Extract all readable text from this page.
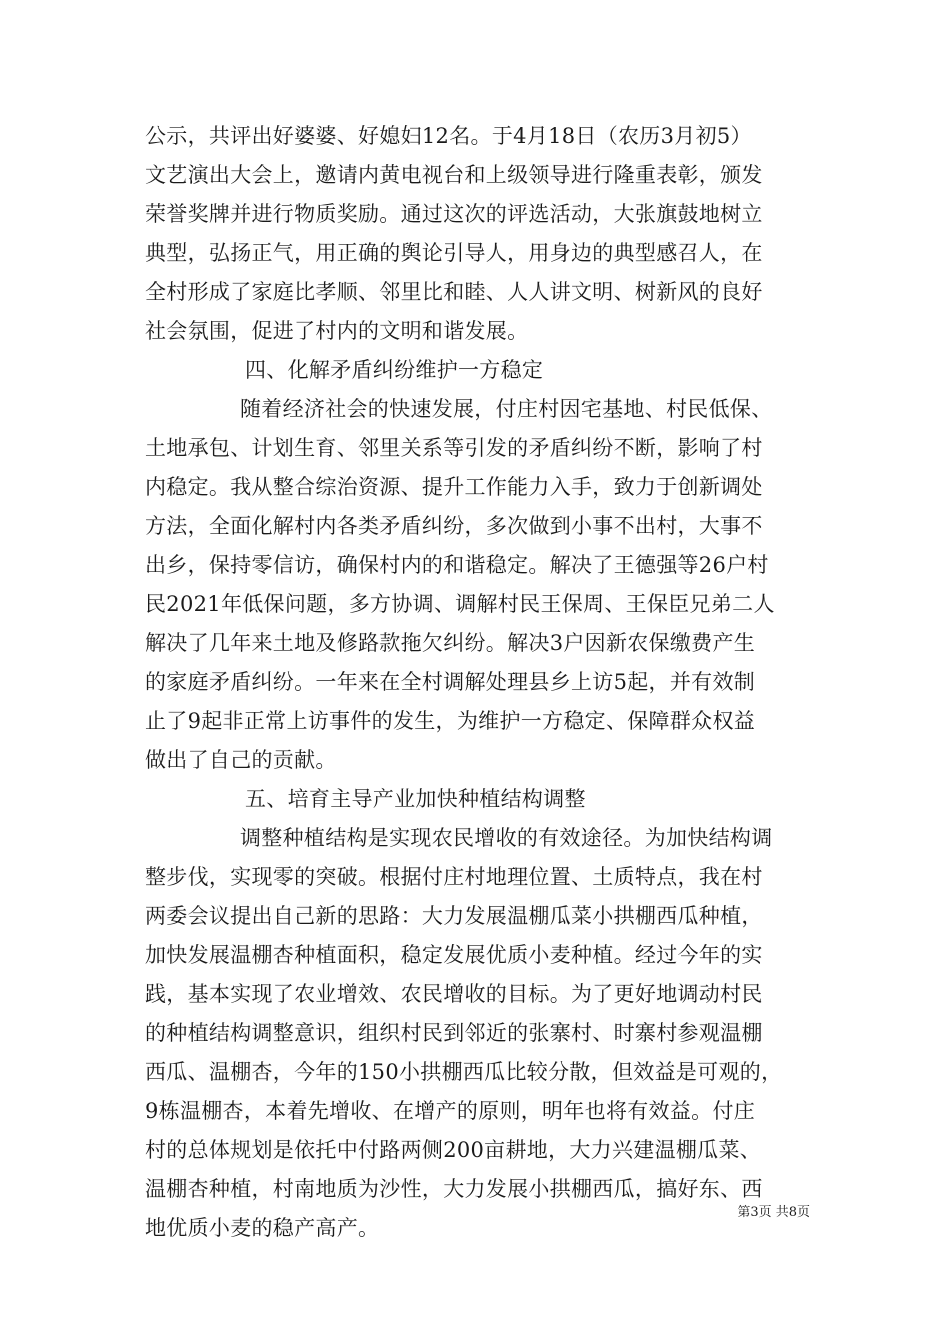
公示，共评出好婆婆、好媳妇12名。于4月18日（农历3月初5）
文艺演出大会上，邀请内黄电视台和上级领导进行隆重表彰，颁发
荣誉奖牌并进行物质奖励。通过这次的评选活动，大张旗鼓地树立
典型，弘扬正气，用正确的舆论引导人，用身边的典型感召人，在
全村形成了家庭比孝顺、邻里比和睦、人人讲文明、树新风的良好
社会氛围，促进了村内的文明和谐发展。
四、化解矛盾纠纷维护一方稳定
随着经济社会的快速发展，付庄村因宅基地、村民低保、
土地承包、计划生育、邻里关系等引发的矛盾纠纷不断，影响了村
内稳定。我从整合综治资源、提升工作能力入手，致力于创新调处
方法，全面化解村内各类矛盾纠纷，多次做到小事不出村，大事不
出乡，保持零信访，确保村内的和谐稳定。解决了王德强等26户村
民2021年低保问题，多方协调、调解村民王保周、王保臣兄弟二人
解决了几年来土地及修路款拖欠纠纷。解决3户因新农保缴费产生
的家庭矛盾纠纷。一年来在全村调解处理县乡上访5起，并有效制
止了9起非正常上访事件的发生，为维护一方稳定、保障群众权益
做出了自己的贡献。
五、培育主导产业加快种植结构调整
调整种植结构是实现农民增收的有效途径。为加快结构调
整步伐，实现零的突破。根据付庄村地理位置、土质特点，我在村
两委会议提出自己新的思路：大力发展温棚瓜菜小拱棚西瓜种植，
加快发展温棚杏种植面积，稳定发展优质小麦种植。经过今年的实
践，基本实现了农业增效、农民增收的目标。为了更好地调动村民
的种植结构调整意识，组织村民到邻近的张寨村、时寨村参观温棚
西瓜、温棚杏，今年的150小拱棚西瓜比较分散，但效益是可观的，
9栋温棚杏，本着先增收、在增产的原则，明年也将有效益。付庄
村的总体规划是依托中付路两侧200亩耕地，大力兴建温棚瓜菜、
温棚杏种植，村南地质为沙性，大力发展小拱棚西瓜，搞好东、西
地优质小麦的稳产高产。
第3页 共8页
